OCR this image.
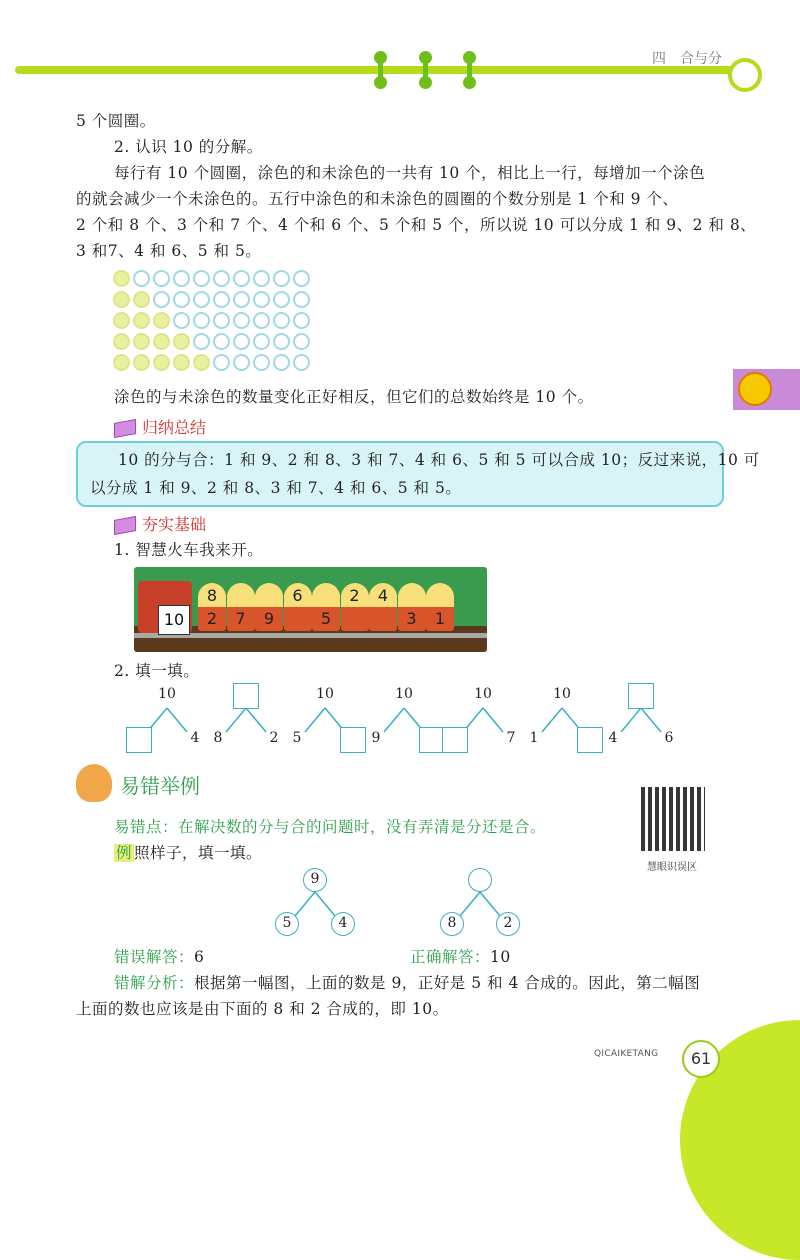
四　合与分

5 个圆圈。

2. 认识 10 的分解。

每行有 10 个圆圈，涂色的和未涂色的一共有 10 个，相比上一行，每增加一个涂色

的就会减少一个未涂色的。五行中涂色的和未涂色的圆圈的个数分别是 1 个和 9 个、

2 个和 8 个、3 个和 7 个、4 个和 6 个、5 个和 5 个，所以说 10 可以分成 1 和 9、2 和 8、

3 和7、4 和 6、5 和 5。

涂色的与未涂色的数量变化正好相反，但它们的总数始终是 10 个。

归纳总结

10 的分与合：1 和 9、2 和 8、3 和 7、4 和 6、5 和 5 可以合成 10；反过来说，10 可

以分成 1 和 9、2 和 8、3 和 7、4 和 6、5 和 5。

夯实基础

1. 智慧火车我来开。

10
8
2	7	9
6
5
2	4
3	1

2. 填一填。

10
4	8	2
10
5
10
9
10
7
10
1	4	6
易错举例
慧眼识误区

易错点：在解决数的分与合的问题时，没有弄清是分还是合。

例 照样子，填一填。

9
5	4	8	2

错误解答：6	正确解答：10

错解分析：根据第一幅图，上面的数是 9，正好是 5 和 4 合成的。因此，第二幅图

上面的数也应该是由下面的 8 和 2 合成的，即 10。

QICAIKETANG	61
